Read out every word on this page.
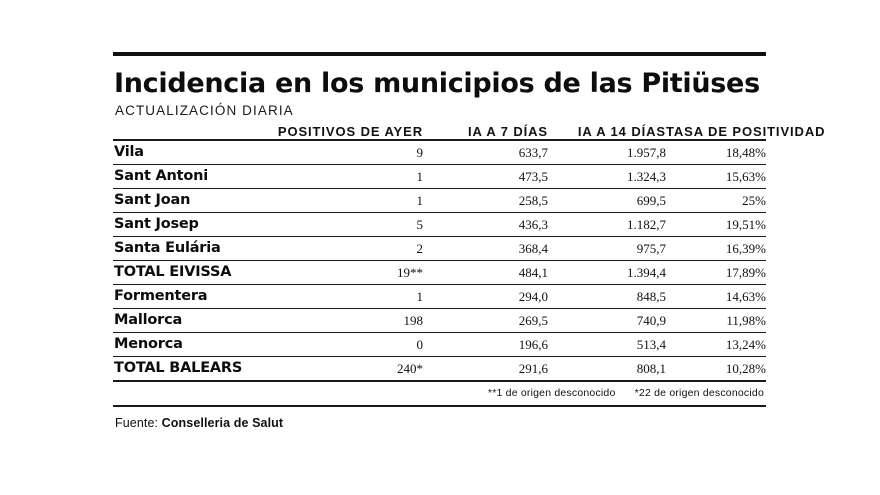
Incidencia en los municipios de las Pitiüses
ACTUALIZACIÓN DIARIA
	POSITIVOS DE AYER	IA A 7 DÍAS	IA A 14 DÍAS	TASA DE POSITIVIDAD
Vila	9	633,7	1.957,8	18,48%
Sant Antoni	1	473,5	1.324,3	15,63%
Sant Joan	1	258,5	699,5	25%
Sant Josep	5	436,3	1.182,7	19,51%
Santa Eulária	2	368,4	975,7	16,39%
TOTAL EIVISSA	19**	484,1	1.394,4	17,89%
Formentera	1	294,0	848,5	14,63%
Mallorca	198	269,5	740,9	11,98%
Menorca	0	196,6	513,4	13,24%
TOTAL BALEARS	240*	291,6	808,1	10,28%
**1 de origen desconocido *22 de origen desconocido
Fuente: Conselleria de Salut
